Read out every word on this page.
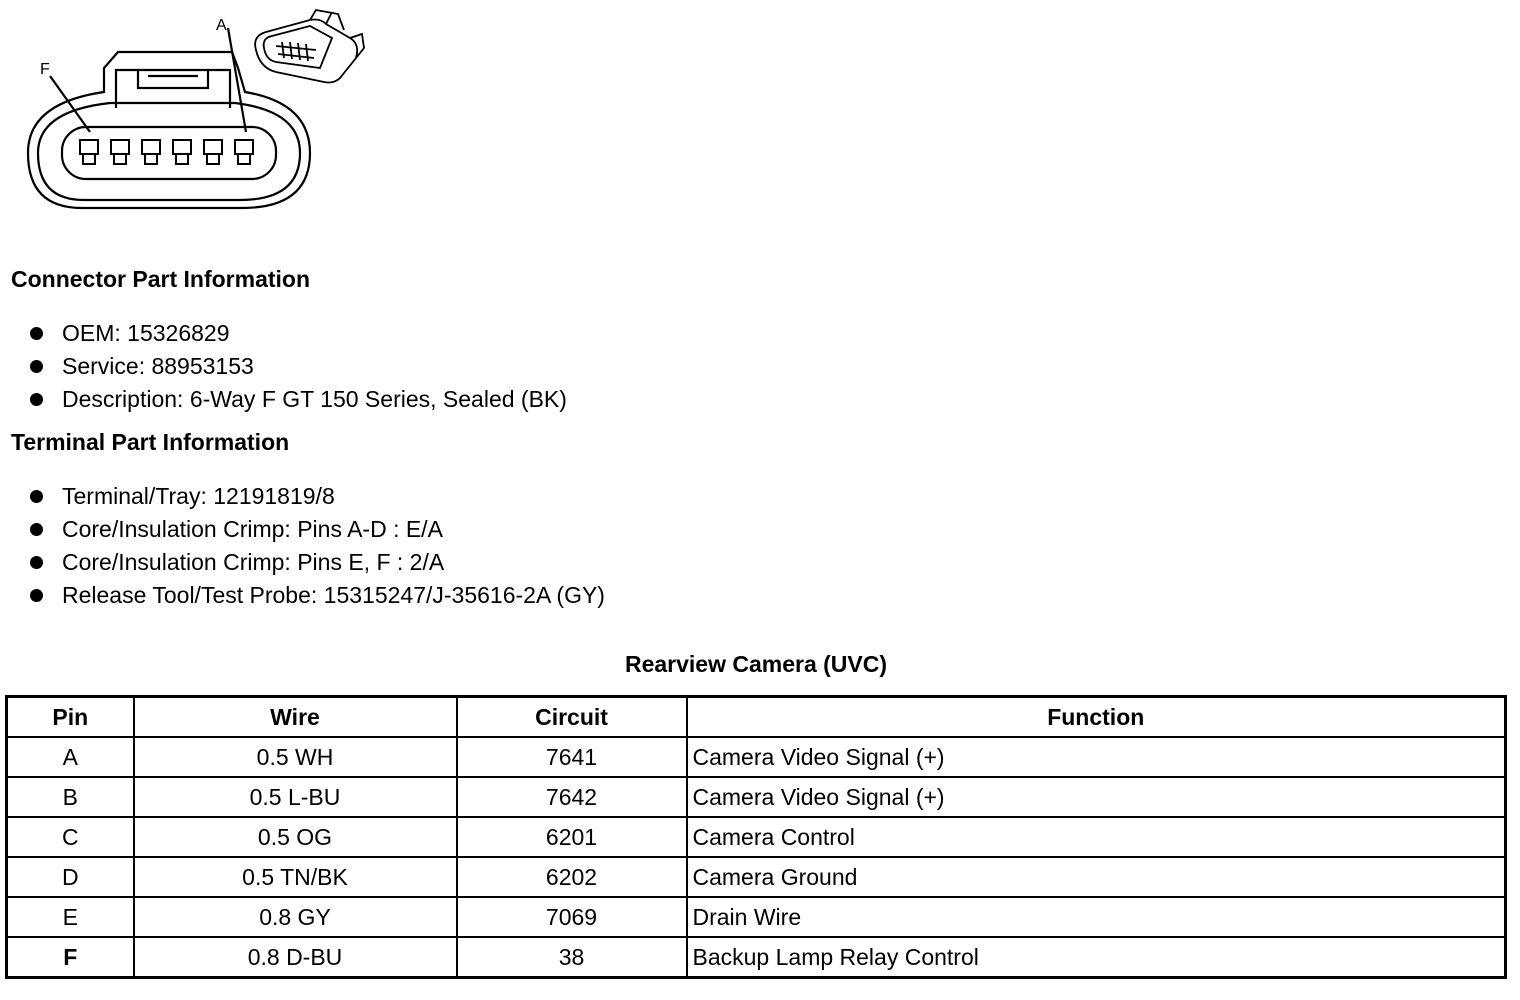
F
A
Connector Part Information
OEM: 15326829
Service: 88953153
Description: 6-Way F GT 150 Series, Sealed (BK)
Terminal Part Information
Terminal/Tray: 12191819/8
Core/Insulation Crimp: Pins A-D : E/A
Core/Insulation Crimp: Pins E, F : 2/A
Release Tool/Test Probe: 15315247/J-35616-2A (GY)
Rearview Camera (UVC)
Pin	Wire	Circuit	Function
A	0.5 WH	7641	Camera Video Signal (+)
B	0.5 L-BU	7642	Camera Video Signal (+)
C	0.5 OG	6201	Camera Control
D	0.5 TN/BK	6202	Camera Ground
E	0.8 GY	7069	Drain Wire
F	0.8 D-BU	38	Backup Lamp Relay Control
